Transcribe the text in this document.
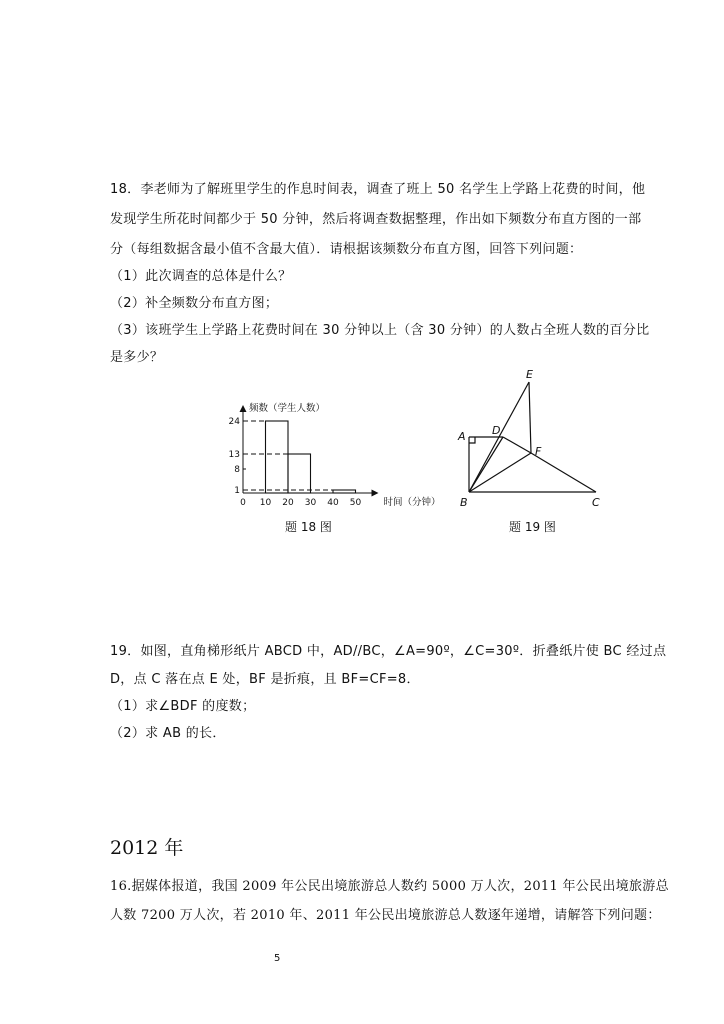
18．李老师为了解班里学生的作息时间表，调查了班上 50 名学生上学路上花费的时间，他
发现学生所花时间都少于 50 分钟，然后将调查数据整理，作出如下频数分布直方图的一部
分（每组数据含最小值不含最大值）．请根据该频数分布直方图，回答下列问题：
（1）此次调查的总体是什么？
（2）补全频数分布直方图；
（3）该班学生上学路上花费时间在 30 分钟以上（含 30 分钟）的人数占全班人数的百分比
是多少？
1
8
13
24
0 10 20 30 40 50
频数（学生人数）
时间（分钟）
题 18 图
E
A D
F
B	C
题 19 图
19．如图，直角梯形纸片 ABCD 中，AD//BC，∠A=90º，∠C=30º．折叠纸片使 BC 经过点
D，点 C 落在点 E 处，BF 是折痕，且 BF=CF=8．
（1）求∠BDF 的度数；
（2）求 AB 的长．
2012 年
16.据媒体报道，我国 2009 年公民出境旅游总人数约 5000 万人次，2011 年公民出境旅游总
人数 7200 万人次，若 2010 年、2011 年公民出境旅游总人数逐年递增，请解答下列问题：
5
